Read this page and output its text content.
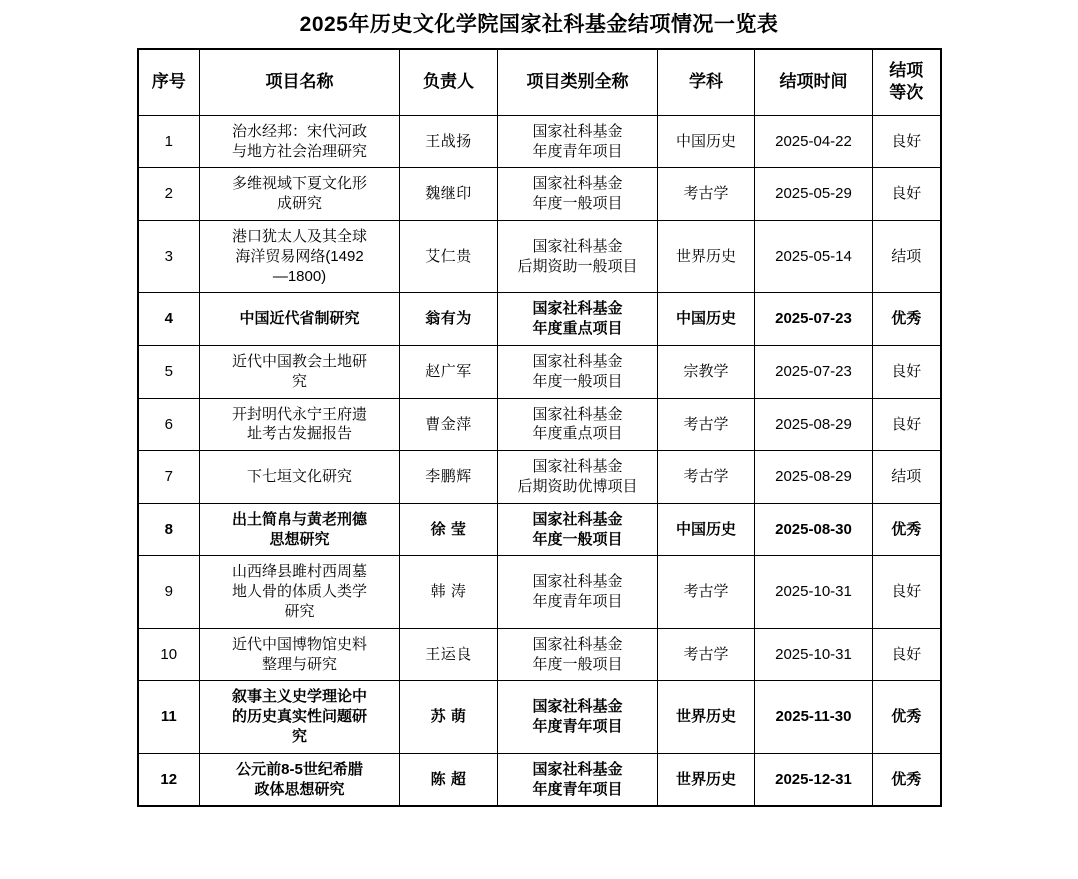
2025年历史文化学院国家社科基金结项情况一览表
序号	项目名称	负责人	项目类别全称	学科	结项时间	结项
等次

1	治水经邦：宋代河政
与地方社会治理研究	王战扬	国家社科基金
年度青年项目	中国历史	2025-04-22	良好
2	多维视域下夏文化形
成研究	魏继印	国家社科基金
年度一般项目	考古学	2025-05-29	良好
3	港口犹太人及其全球
海洋贸易网络(1492
—1800)	艾仁贵	国家社科基金
后期资助一般项目	世界历史	2025-05-14	结项
4	中国近代省制研究	翁有为	国家社科基金
年度重点项目	中国历史	2025-07-23	优秀
5	近代中国教会土地研
究	赵广军	国家社科基金
年度一般项目	宗教学	2025-07-23	良好
6	开封明代永宁王府遗
址考古发掘报告	曹金萍	国家社科基金
年度重点项目	考古学	2025-08-29	良好
7	下七垣文化研究	李鹏辉	国家社科基金
后期资助优博项目	考古学	2025-08-29	结项
8	出土简帛与黄老刑德
思想研究	徐 莹	国家社科基金
年度一般项目	中国历史	2025-08-30	优秀
9	山西绛县雎村西周墓
地人骨的体质人类学
研究	韩 涛	国家社科基金
年度青年项目	考古学	2025-10-31	良好
10	近代中国博物馆史料
整理与研究	王运良	国家社科基金
年度一般项目	考古学	2025-10-31	良好
11	叙事主义史学理论中
的历史真实性问题研
究	苏 萌	国家社科基金
年度青年项目	世界历史	2025-11-30	优秀
12	公元前8-5世纪希腊
政体思想研究	陈 超	国家社科基金
年度青年项目	世界历史	2025-12-31	优秀
